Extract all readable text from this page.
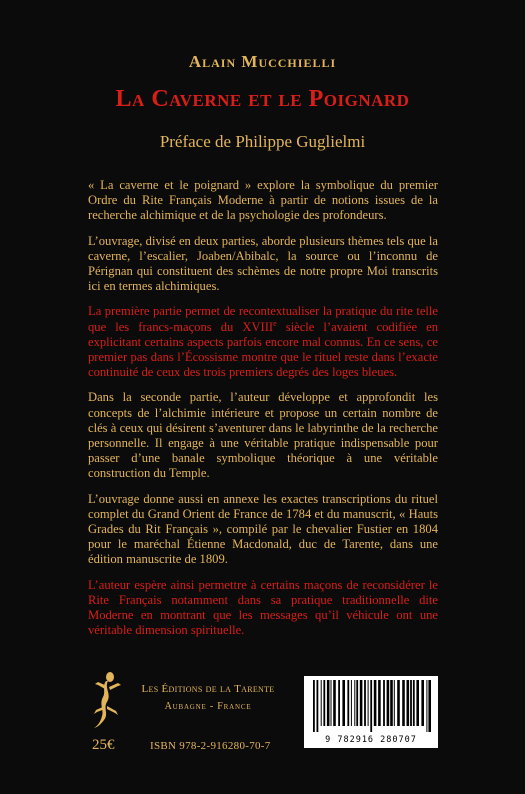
Alain Mucchielli
La Caverne et le Poignard
Préface de Philippe Guglielmi

« La caverne et le poignard » explore la symbolique du premier Ordre du Rite Français Moderne à partir de notions issues de la recherche alchimique et de la psychologie des profondeurs.

L’ouvrage, divisé en deux parties, aborde plusieurs thèmes tels que la caverne, l’escalier, Joaben/Abibalc, la source ou l’inconnu de Pérignan qui constituent des schèmes de notre propre Moi transcrits ici en termes alchimiques.

La première partie permet de recontextualiser la pratique du rite telle que les francs-maçons du XVIIIe siècle l’avaient codifiée en explicitant certains aspects parfois encore mal connus. En ce sens, ce premier pas dans l’Écossisme montre que le rituel reste dans l’exacte continuité de ceux des trois premiers degrés des loges bleues.

Dans la seconde partie, l’auteur développe et approfondit les concepts de l’alchimie intérieure et propose un certain nombre de clés à ceux qui désirent s’aventurer dans le labyrinthe de la recherche personnelle. Il engage à une véritable pratique indispensable pour passer d’une banale symbolique théorique à une véritable construction du Temple.

L’ouvrage donne aussi en annexe les exactes transcriptions du rituel complet du Grand Orient de France de 1784 et du manuscrit, « Hauts Grades du Rit Français », compilé par le chevalier Fustier en 1804 pour le maréchal Étienne Macdonald, duc de Tarente, dans une édition manuscrite de 1809.

L’auteur espère ainsi permettre à certains maçons de reconsidérer le Rite Français notamment dans sa pratique traditionnelle dite Moderne en montrant que les messages qu’il véhicule ont une véritable dimension spirituelle.

Les Éditions de la Tarente
Aubagne - France
25€	ISBN 978-2-916280-70-7	9 782916 280707
